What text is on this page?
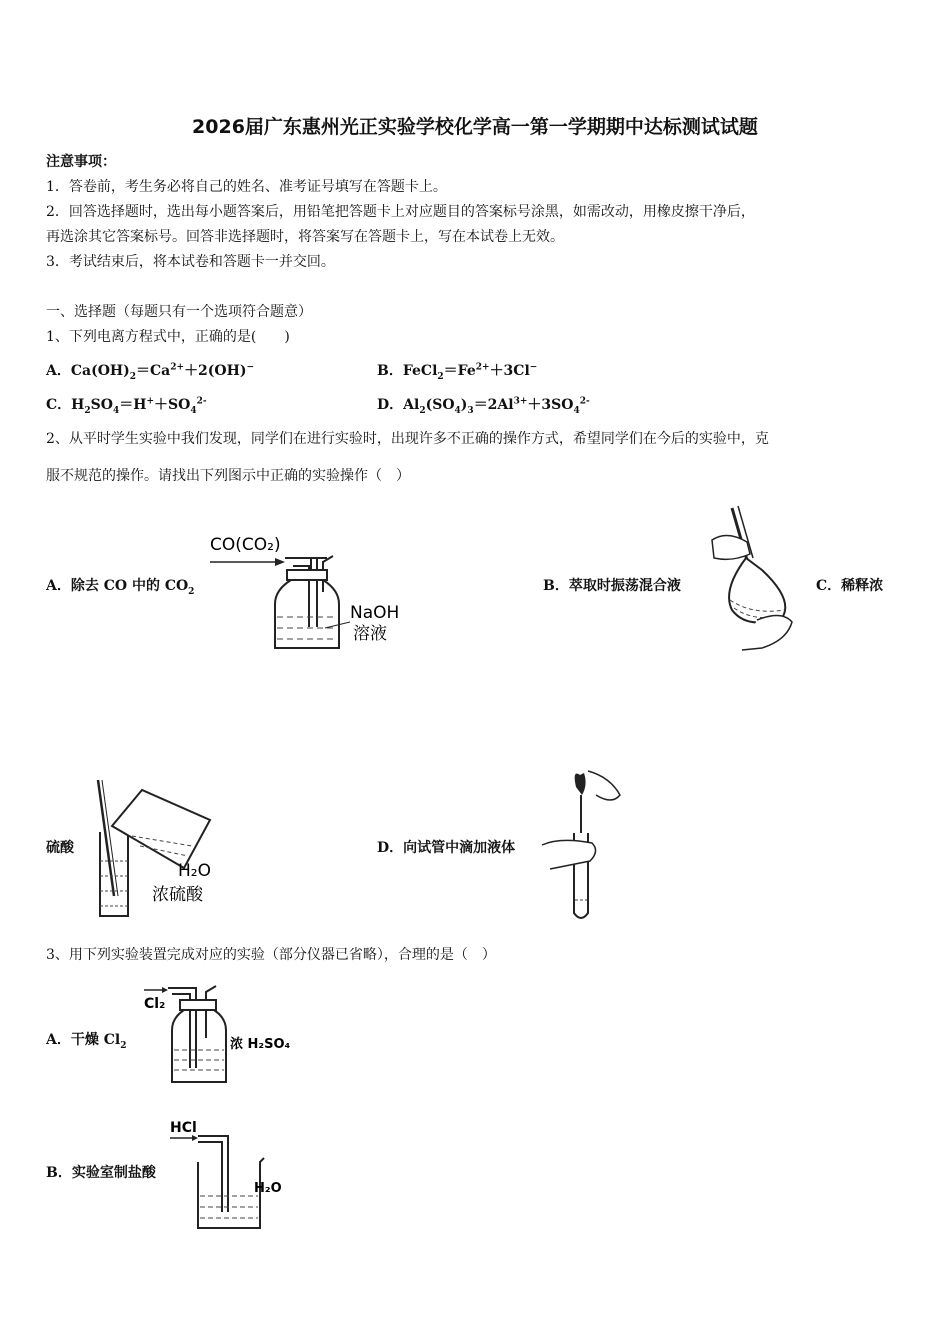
2026届广东惠州光正实验学校化学高一第一学期期中达标测试试题
注意事项：
1．答卷前，考生务必将自己的姓名、准考证号填写在答题卡上。
2．回答选择题时，选出每小题答案后，用铅笔把答题卡上对应题目的答案标号涂黑，如需改动，用橡皮擦干净后，
再选涂其它答案标号。回答非选择题时，将答案写在答题卡上，写在本试卷上无效。
3．考试结束后，将本试卷和答题卡一并交回。
一、选择题（每题只有一个选项符合题意）
1、下列电离方程式中，正确的是(　　)
A．$Ca(OH)_2=Ca^{2+}+2(OH)^-$	B．$FeCl_2=Fe^{2+}+3Cl^-$
C．$H_2SO_4=H^++SO_4^{2-}$	D．$Al_2(SO_4)_3=2Al^{3+}+3SO_4^{2-}$
2、从平时学生实验中我们发现，同学们在进行实验时，出现许多不正确的操作方式，希望同学们在今后的实验中，克
服不规范的操作。请找出下列图示中正确的实验操作（　）
A．除去 CO 中的 $CO_2$
CO(CO₂)
NaOH
溶液
B．萃取时振荡混合液	C．稀释浓
硫酸
H₂O
浓硫酸
D．向试管中滴加液体
3、用下列实验装置完成对应的实验（部分仪器已省略），合理的是（　）
A．干燥 $Cl_2$
Cl₂
浓 H₂SO₄
B．实验室制盐酸
HCl
H₂O
